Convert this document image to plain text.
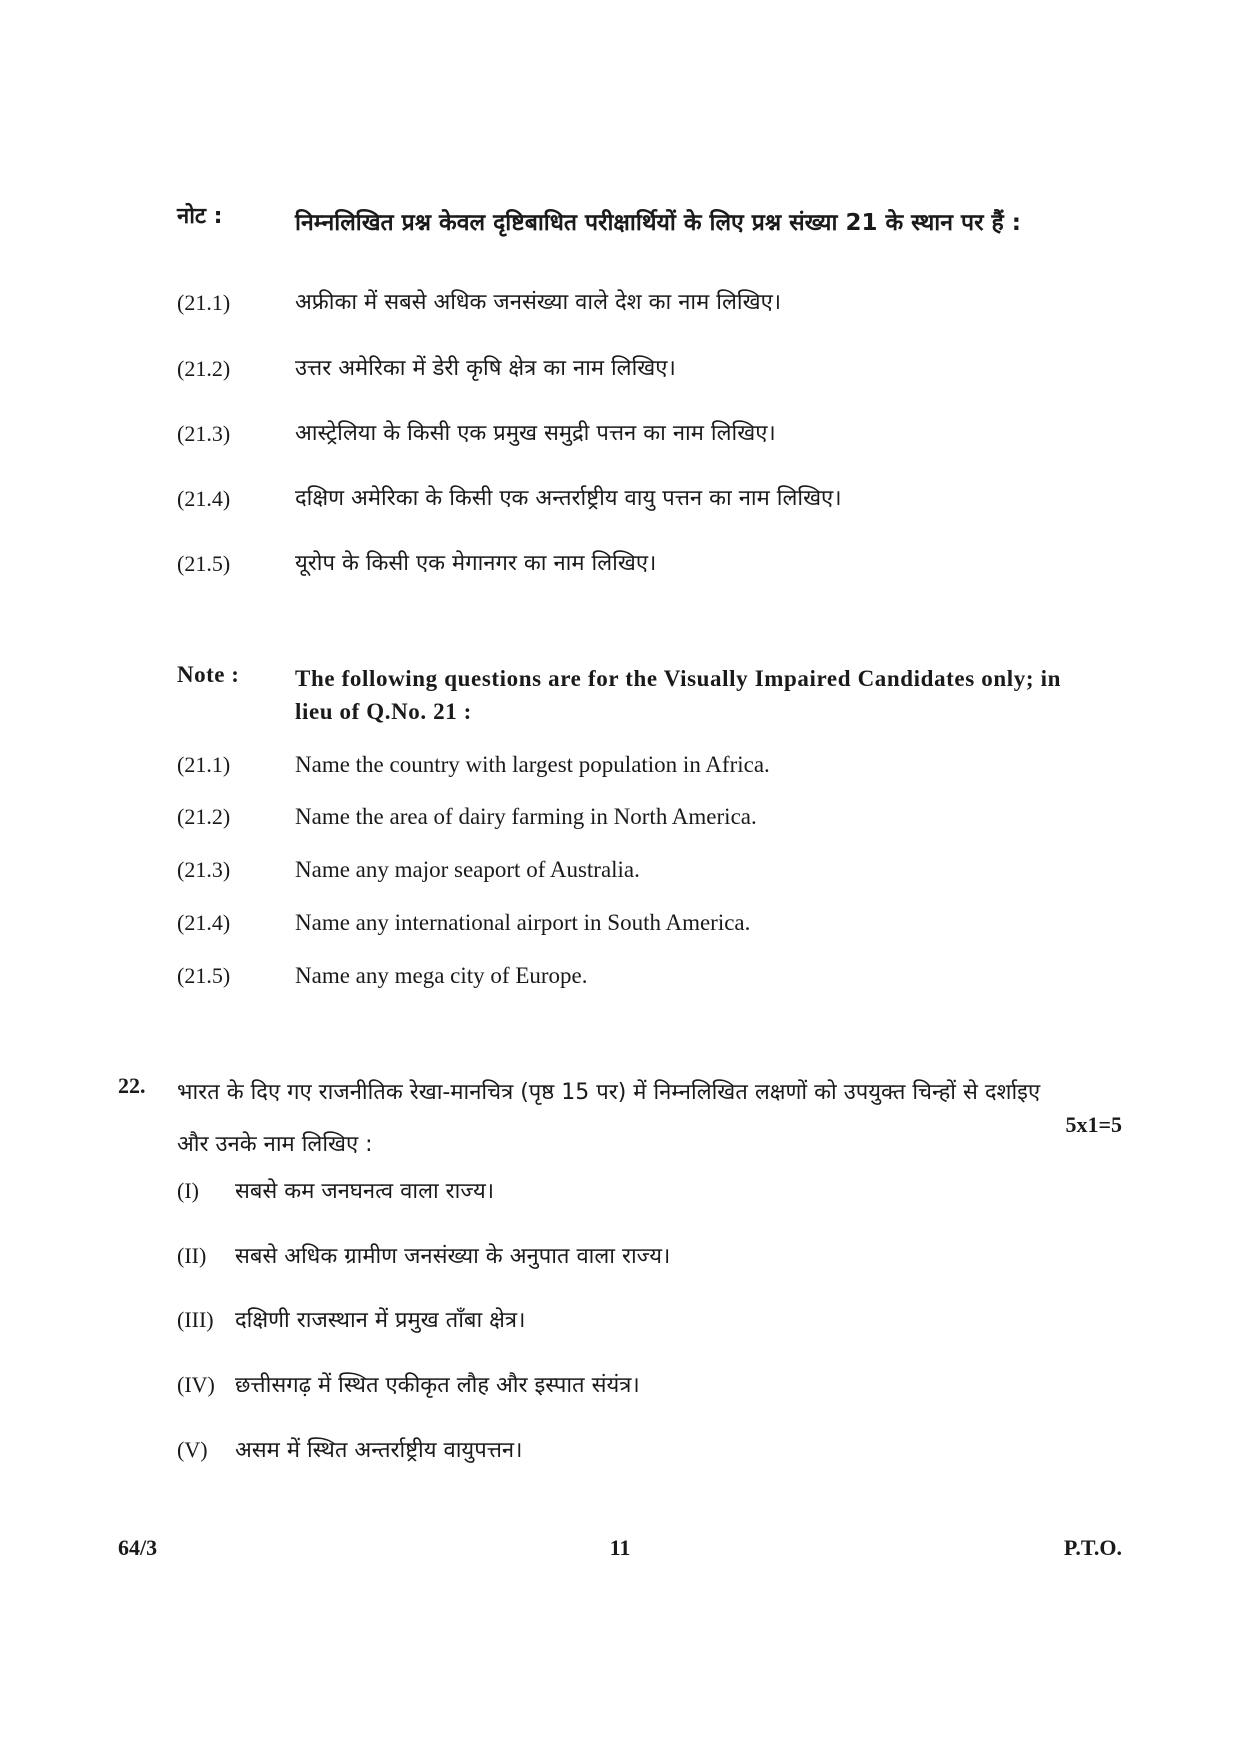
नोट :	निम्नलिखित प्रश्न केवल दृष्टिबाधित परीक्षार्थियों के लिए प्रश्न संख्या 21 के स्थान पर हैं :
(21.1)	अफ्रीका में सबसे अधिक जनसंख्या वाले देश का नाम लिखिए।
(21.2)	उत्तर अमेरिका में डेरी कृषि क्षेत्र का नाम लिखिए।
(21.3)	आस्ट्रेलिया के किसी एक प्रमुख समुद्री पत्तन का नाम लिखिए।
(21.4)	दक्षिण अमेरिका के किसी एक अन्तर्राष्ट्रीय वायु पत्तन का नाम लिखिए।
(21.5)	यूरोप के किसी एक मेगानगर का नाम लिखिए।
Note : The following questions are for the Visually Impaired Candidates only; in lieu of Q.No. 21 :
(21.1)	Name the country with largest population in Africa.
(21.2)	Name the area of dairy farming in North America.
(21.3)	Name any major seaport of Australia.
(21.4)	Name any international airport in South America.
(21.5)	Name any mega city of Europe.
22. भारत के दिए गए राजनीतिक रेखा-मानचित्र (पृष्ठ 15 पर) में निम्नलिखित लक्षणों को उपयुक्त चिन्हों से दर्शाइए और उनके नाम लिखिए :
5x1=5
(I) सबसे कम जनघनत्व वाला राज्य।
(II) सबसे अधिक ग्रामीण जनसंख्या के अनुपात वाला राज्य।
(III) दक्षिणी राजस्थान में प्रमुख ताँबा क्षेत्र।
(IV) छत्तीसगढ़ में स्थित एकीकृत लौह और इस्पात संयंत्र।
(V) असम में स्थित अन्तर्राष्ट्रीय वायुपत्तन।
64/3	11	P.T.O.
